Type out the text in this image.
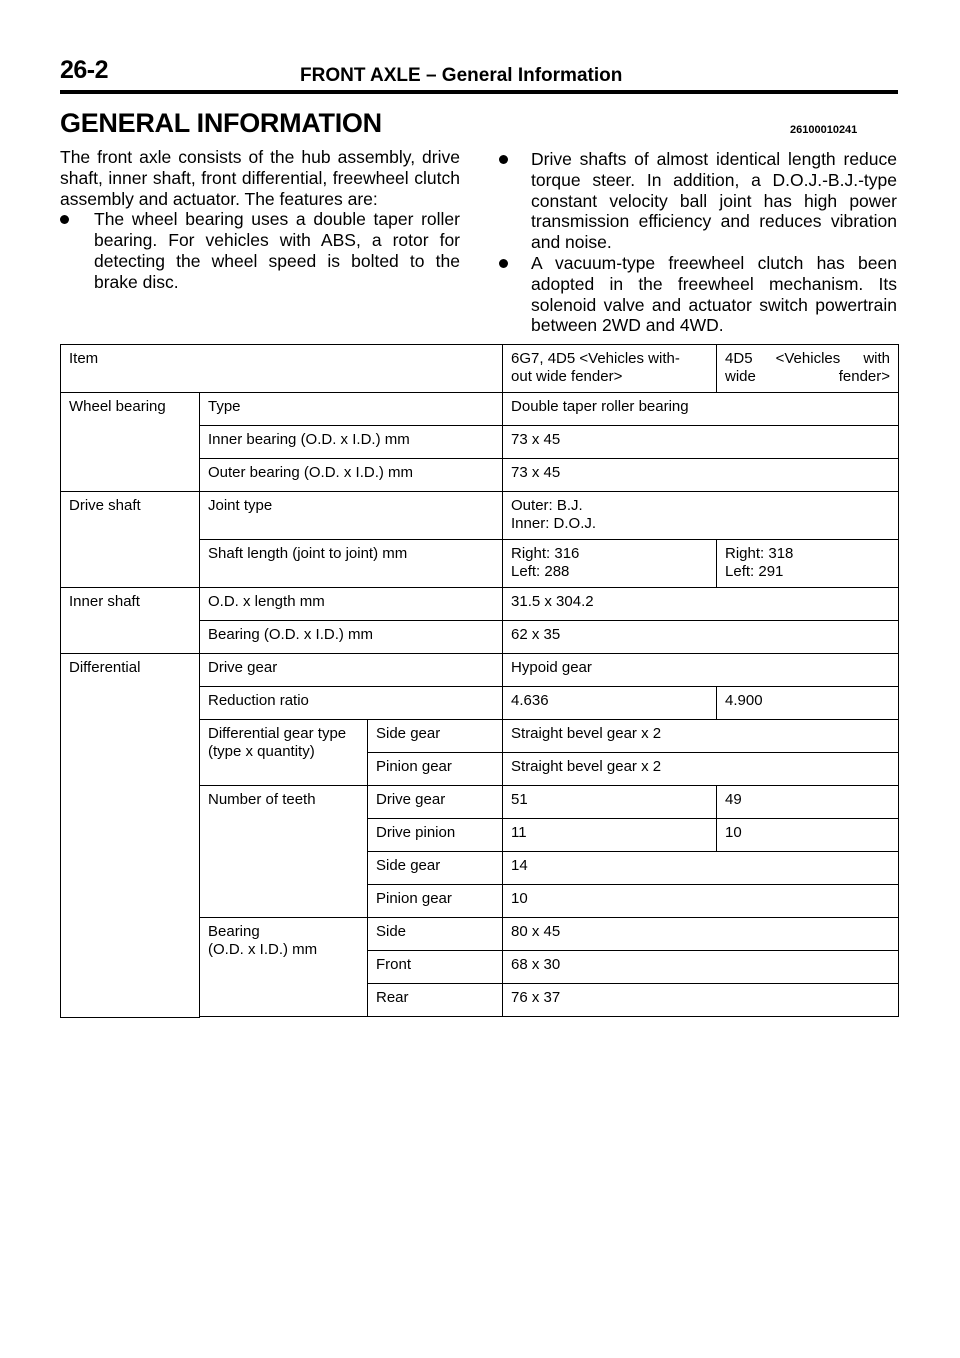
26-2	FRONT AXLE – General Information
GENERAL INFORMATION	26100010241
The front axle consists of the hub assembly, drive shaft, inner shaft, front differential, freewheel clutch assembly and actuator. The features are:
The wheel bearing uses a double taper roller bearing. For vehicles with ABS, a rotor for detecting the wheel speed is bolted to the brake disc.
Drive shafts of almost identical length reduce torque steer. In addition, a D.O.J.-B.J.-type constant velocity ball joint has high power transmission efficiency and reduces vibration and noise.
A vacuum-type freewheel clutch has been adopted in the freewheel mechanism. Its solenoid valve and actuator switch powertrain between 2WD and 4WD.
Item			6G7, 4D5 <Vehicles with-
out wide fender>	4D5 <Vehicles with
wide fender>
Wheel bearing	Type		Double taper roller bearing	
	Inner bearing (O.D. x I.D.) mm		73 x 45	
	Outer bearing (O.D. x I.D.) mm		73 x 45	
Drive shaft	Joint type		Outer: B.J.
Inner: D.O.J.	
	Shaft length (joint to joint) mm		Right: 316
Left: 288	Right: 318
Left: 291
Inner shaft	O.D. x length mm		31.5 x 304.2	
	Bearing (O.D. x I.D.) mm		62 x 35	
Differential	Drive gear		Hypoid gear	
	Reduction ratio		4.636	4.900
	Differential gear type
(type x quantity)	Side gear	Straight bevel gear x 2	
		Pinion gear	Straight bevel gear x 2	
	Number of teeth	Drive gear	51	49
		Drive pinion	11	10
		Side gear	14	
		Pinion gear	10	
	Bearing
(O.D. x I.D.) mm	Side	80 x 45	
		Front	68 x 30	
		Rear	76 x 37	
